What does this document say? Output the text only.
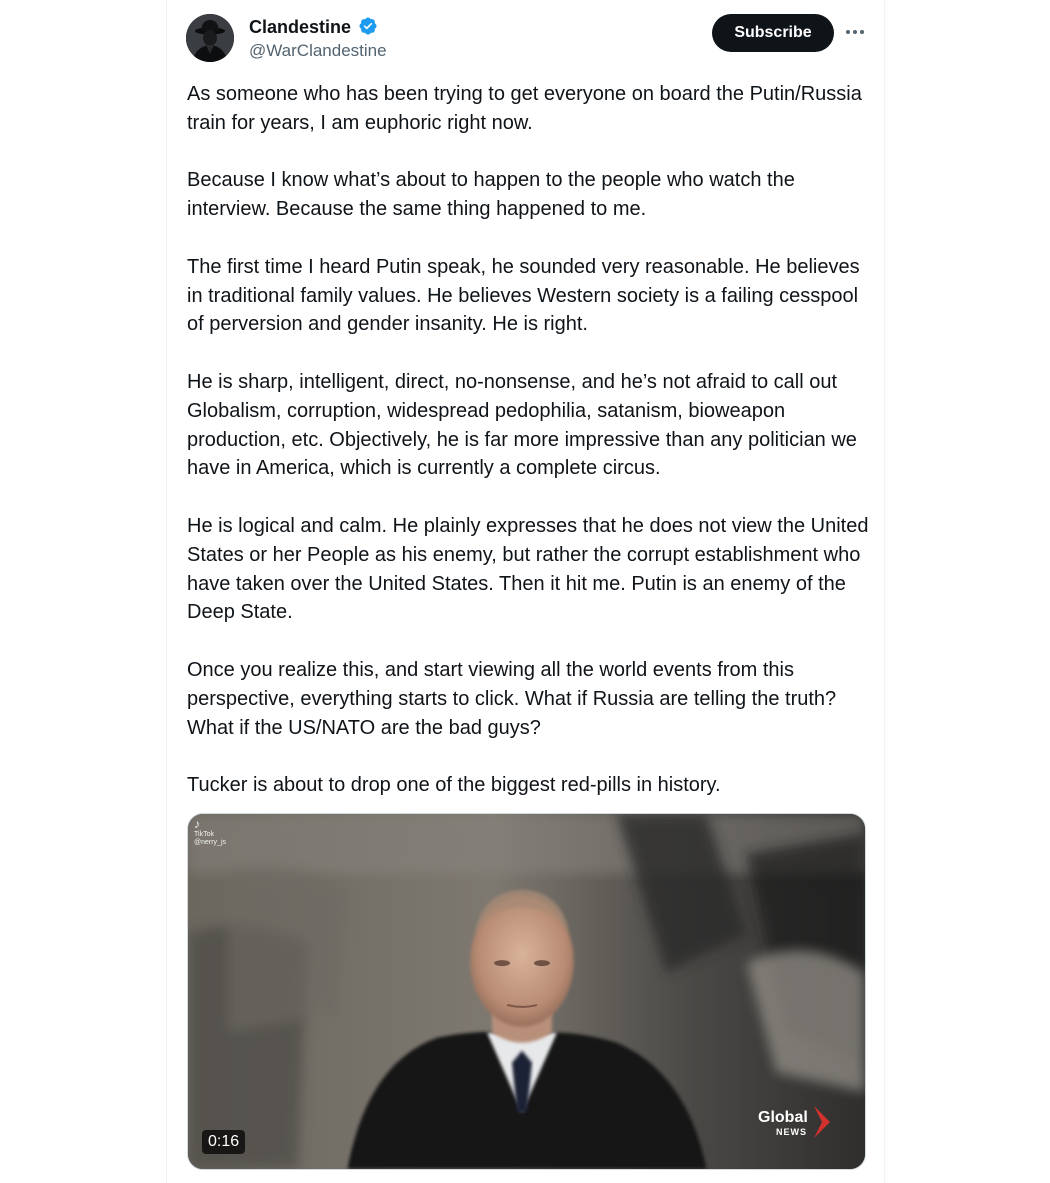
Clandestine
@WarClandestine
Subscribe

As someone who has been trying to get everyone on board the Putin/Russia train for years, I am euphoric right now.

Because I know what’s about to happen to the people who watch the interview. Because the same thing happened to me.

The first time I heard Putin speak, he sounded very reasonable. He believes in traditional family values. He believes Western society is a failing cesspool of perversion and gender insanity. He is right.

He is sharp, intelligent, direct, no-nonsense, and he’s not afraid to call out Globalism, corruption, widespread pedophilia, satanism, bioweapon production, etc. Objectively, he is far more impressive than any politician we have in America, which is currently a complete circus.

He is logical and calm. He plainly expresses that he does not view the United States or her People as his enemy, but rather the corrupt establishment who have taken over the United States. Then it hit me. Putin is an enemy of the Deep State.

Once you realize this, and start viewing all the world events from this perspective, everything starts to click. What if Russia are telling the truth? What if the US/NATO are the bad guys?

Tucker is about to drop one of the biggest red-pills in history.

♪
TikTok
@nerry_js
Global
NEWS
0:16
